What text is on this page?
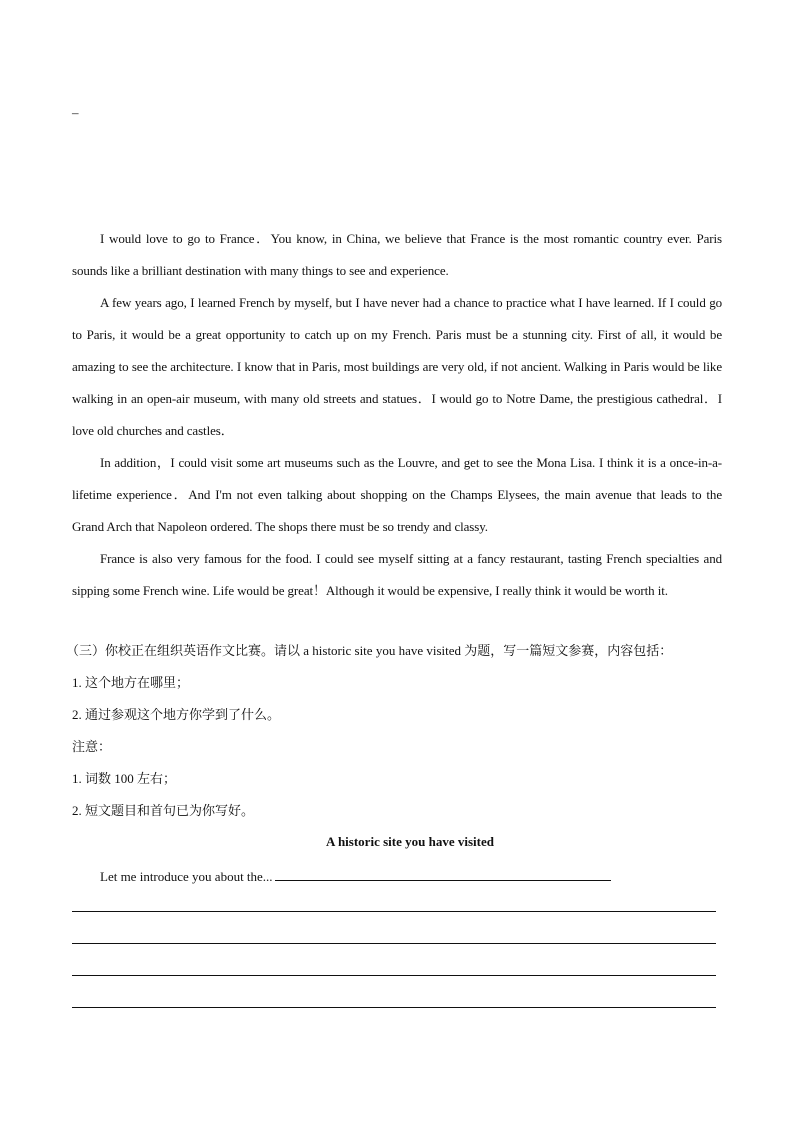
–

I would love to go to France．You know, in China, we believe that France is the most romantic country ever. Paris sounds like a brilliant destination with many things to see and experience.

A few years ago, I learned French by myself, but I have never had a chance to practice what I have learned. If I could go to Paris, it would be a great opportunity to catch up on my French. Paris must be a stunning city. First of all, it would be amazing to see the architecture. I know that in Paris, most buildings are very old, if not ancient. Walking in Paris would be like walking in an open-air museum, with many old streets and statues．I would go to Notre Dame, the prestigious cathedral．I love old churches and castles．

In addition，I could visit some art museums such as the Louvre, and get to see the Mona Lisa. I think it is a once-in-a-lifetime experience．And I'm not even talking about shopping on the Champs Elysees, the main avenue that leads to the Grand Arch that Napoleon ordered. The shops there must be so trendy and classy.

France is also very famous for the food. I could see myself sitting at a fancy restaurant, tasting French specialties and sipping some French wine. Life would be great！Although it would be expensive, I really think it would be worth it.

（三）你校正在组织英语作文比赛。请以 a historic site you have visited 为题，写一篇短文参赛，内容包括：
1. 这个地方在哪里；
2. 通过参观这个地方你学到了什么。
注意：
1. 词数 100 左右；
2. 短文题目和首句已为你写好。
A historic site you have visited
Let me introduce you about the...
